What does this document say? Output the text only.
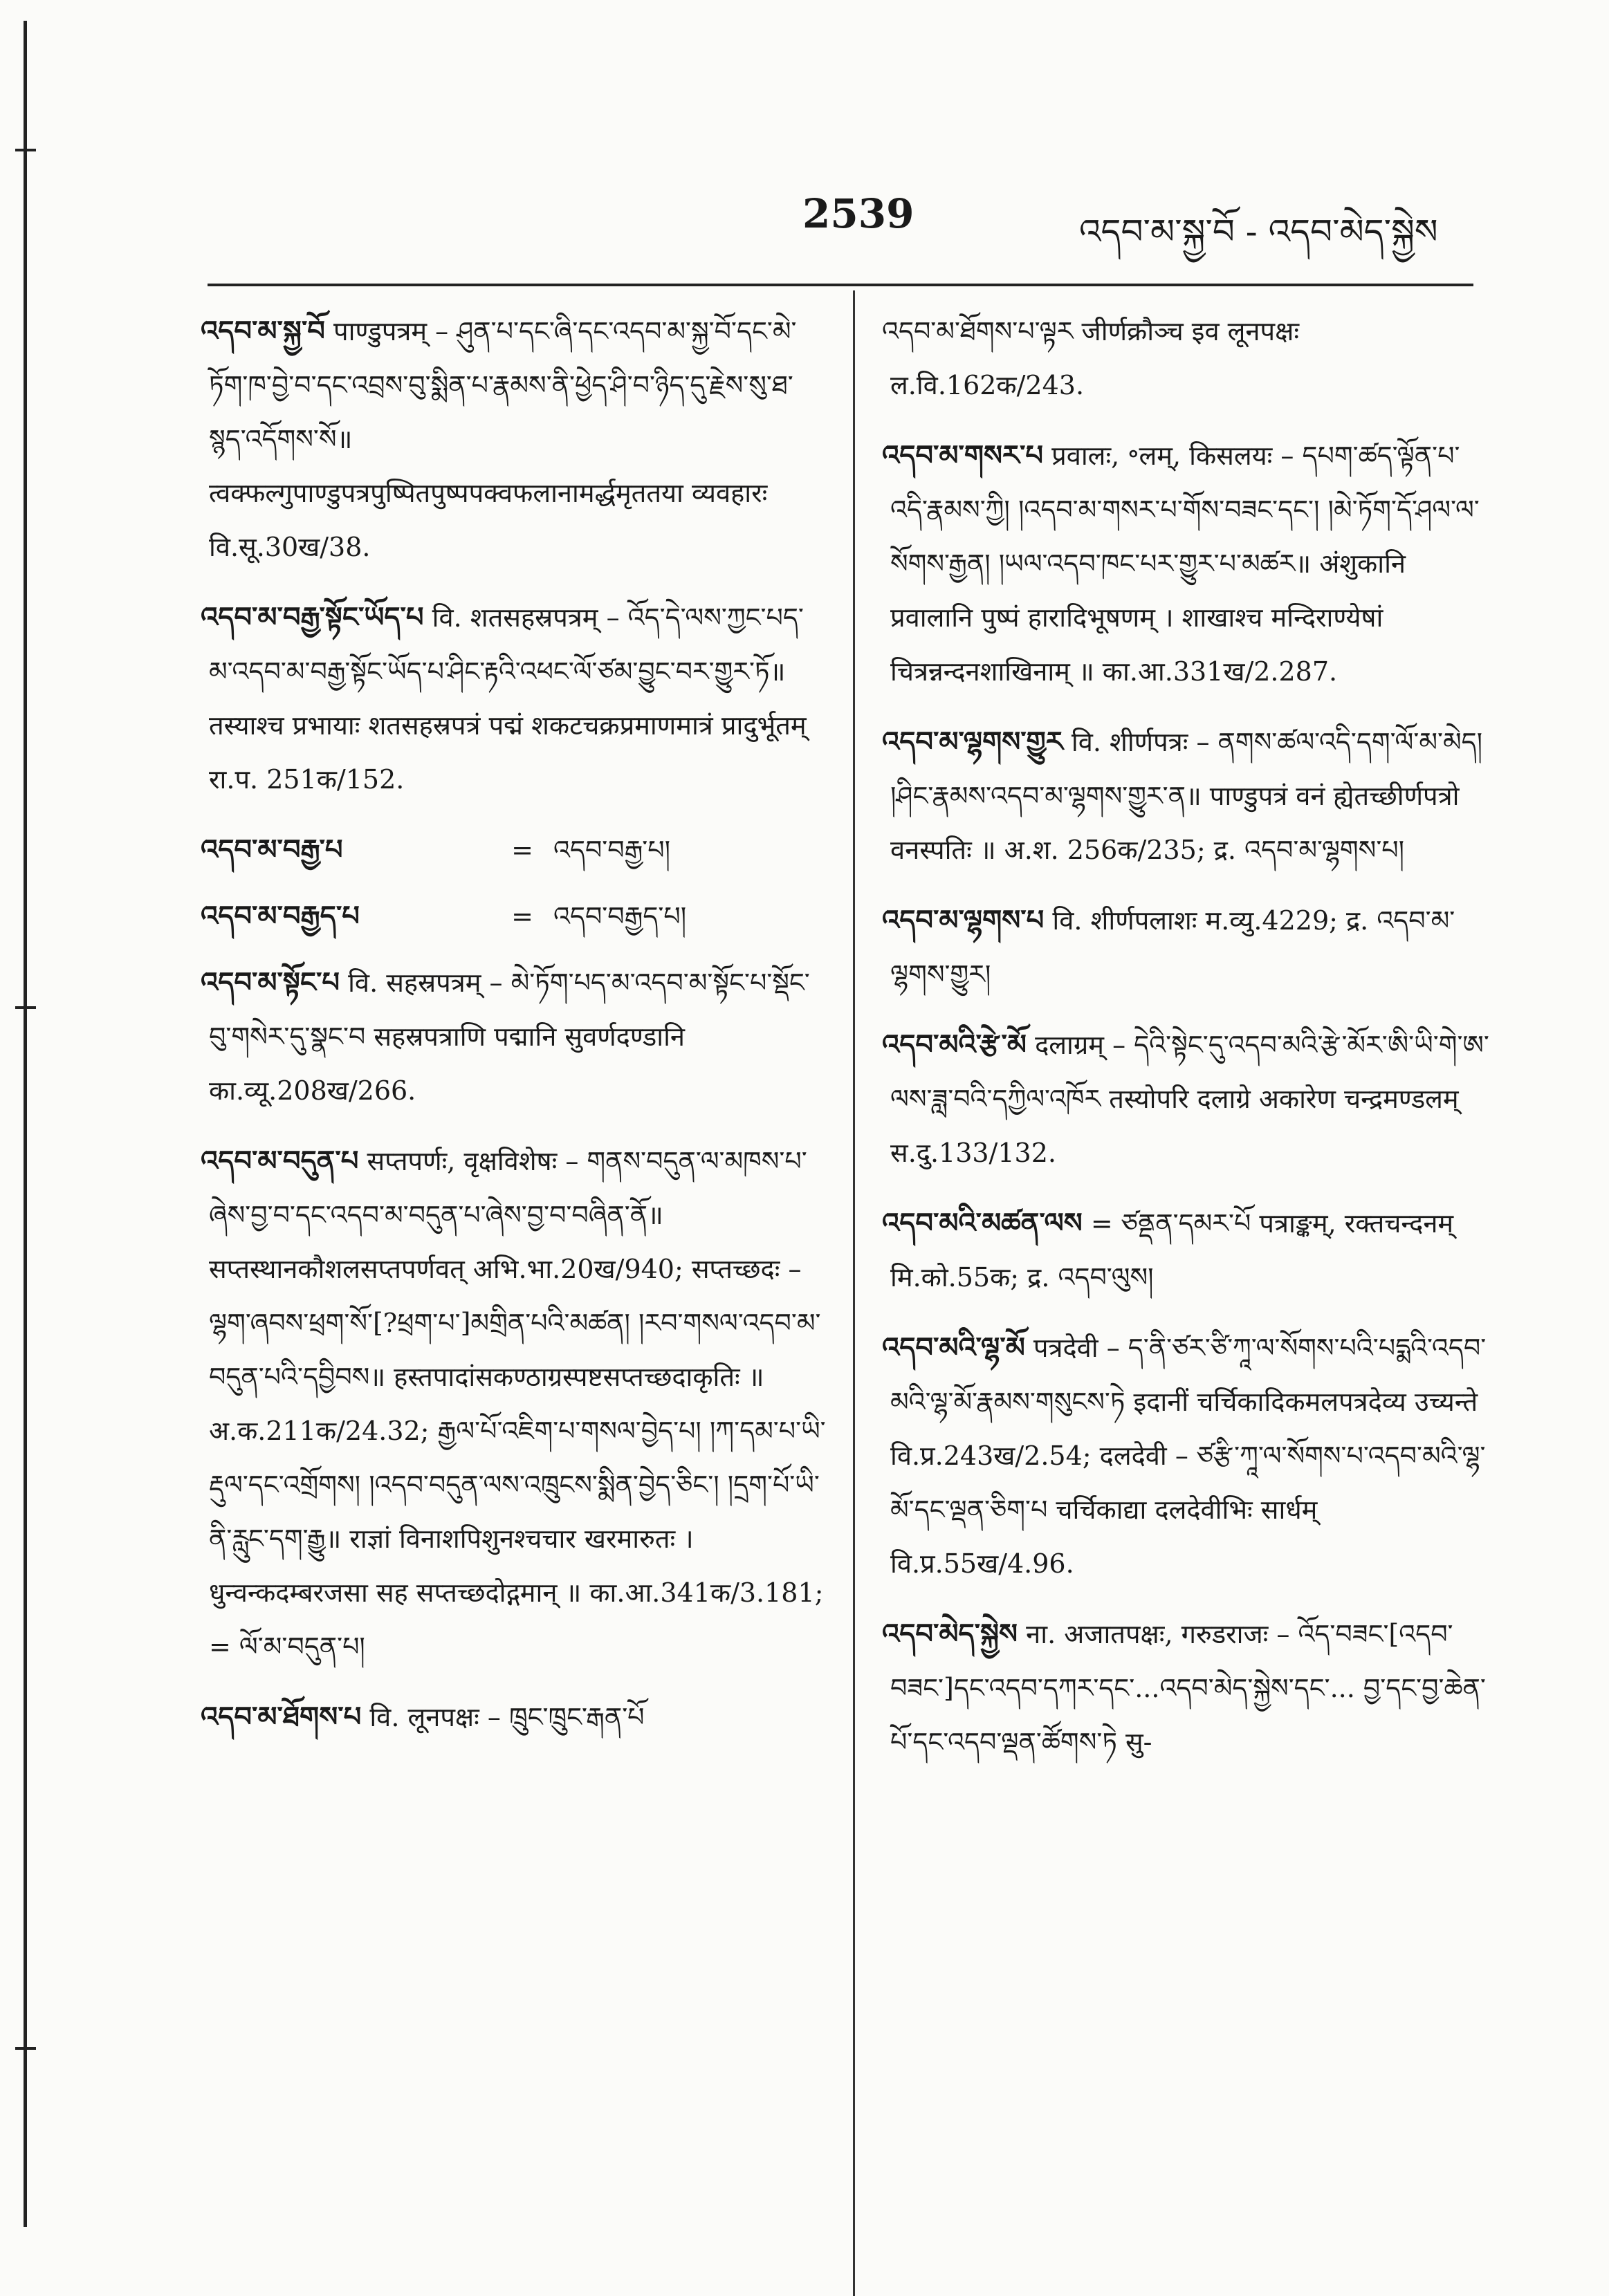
2539	འདབ་མ་སྐྱ་བོ - འདབ་མེད་སྐྱེས
འདབ་མ་སྐྱ་བོ पाण्डुपत्रम् – ཤུན་པ་དང་ཞི་དང་འདབ་མ་སྐྱ་བོ་དང་མེ་ཏོག་ཁ་བྱེ་བ་དང་འབྲས་བུ་སྨིན་པ་རྣམས་ནི་ཕྱེད་ཤི་བ་ཉིད་དུ་རྗེས་སུ་ཐ་སྙད་འདོགས་སོ॥ त्वक्फल्गुपाण्डुपत्रपुष्पितपुष्पपक्वफलानामर्द्धमृततया व्यवहारः वि.सू.30ख/38.
འདབ་མ་བརྒྱ་སྟོང་ཡོད་པ वि. शतसहस्रपत्रम् – འོད་དེ་ལས་ཀྱང་པད་མ་འདབ་མ་བརྒྱ་སྟོང་ཡོད་པ་ཤིང་རྟའི་འཕང་ལོ་ཙམ་བྱུང་བར་གྱུར་ཏོ॥ तस्याश्च प्रभायाः शतसहस्रपत्रं पद्मं शकटचक्रप्रमाणमात्रं प्रादुर्भूतम् रा.प. 251क/152.
འདབ་མ་བརྒྱ་པ	= འདབ་བརྒྱ་པ།
འདབ་མ་བརྒྱད་པ	= འདབ་བརྒྱད་པ།
འདབ་མ་སྟོང་པ वि. सहस्रपत्रम् – མེ་ཏོག་པད་མ་འདབ་མ་སྟོང་པ་སྡོང་བུ་གསེར་དུ་སྣང་བ सहस्रपत्राणि पद्मानि सुवर्णदण्डानि का.व्यू.208ख/266.
འདབ་མ་བདུན་པ सप्तपर्णः, वृक्षविशेषः – གནས་བདུན་ལ་མཁས་པ་ཞེས་བྱ་བ་དང་འདབ་མ་བདུན་པ་ཞེས་བྱ་བ་བཞིན་ནོ॥ सप्तस्थानकौशलसप्तपर्णवत् अभि.भा.20ख/940; सप्तच्छदः – ལྷག་ཞབས་ཕྲག་སོ་[?ཕྲག་པ་]མགྲིན་པའི་མཚན། །རབ་གསལ་འདབ་མ་བདུན་པའི་དབྱིབས॥ हस्तपादांसकण्ठाग्रस्पष्टसप्तच्छदाकृतिः ॥ अ.क.211क/24.32; རྒྱལ་པོ་འཇིག་པ་གསལ་བྱེད་པ། །ཀ་དམ་པ་ཡི་རྡུལ་དང་འགྲོགས། །འདབ་བདུན་ལས་འཁྲུངས་སྨིན་བྱེད་ཅིང་། །དྲག་པོ་ཡི་ནི་རླུང་དག་རྒྱུ॥ राज्ञां विनाशपिशुनश्चचार खरमारुतः । धुन्वन्कदम्बरजसा सह सप्तच्छदोद्गमान् ॥ का.आ.341क/3.181; = ལོ་མ་བདུན་པ།
འདབ་མ་ཐོགས་པ वि. लूनपक्षः – ཁྲུང་ཁྲུང་རྒན་པོ
འདབ་མ་ཐོགས་པ་ལྟར जीर्णक्रौञ्च इव लूनपक्षः ल.वि.162क/243.
འདབ་མ་གསར་པ प्रवालः, ॰लम्, किसलयः – དཔག་ཚད་ལྟོན་པ་འདི་རྣམས་ཀྱི། །འདབ་མ་གསར་པ་གོས་བཟང་དང་། །མེ་ཏོག་དོ་ཤལ་ལ་སོགས་རྒྱན། །ཡལ་འདབ་ཁང་པར་གྱུར་པ་མཚར॥ अंशुकानि प्रवालानि पुष्पं हारादिभूषणम् । शाखाश्च मन्दिराण्येषां चित्रन्नन्दनशाखिनाम् ॥ का.आ.331ख/2.287.
འདབ་མ་ལྷགས་གྱུར वि. शीर्णपत्रः – ནགས་ཚལ་འདི་དག་ལོ་མ་མེད། །ཤིང་རྣམས་འདབ་མ་ལྷགས་གྱུར་ན॥ पाण्डुपत्रं वनं ह्येतच्छीर्णपत्रो वनस्पतिः ॥ अ.श. 256क/235; द्र. འདབ་མ་ལྷགས་པ།
འདབ་མ་ལྷགས་པ वि. शीर्णपलाशः म.व्यु.4229; द्र. འདབ་མ་ལྷགས་གྱུར།
འདབ་མའི་རྩེ་མོ दलाग्रम् – དེའི་སྟེང་དུ་འདབ་མའི་རྩེ་མོར་ཨི་ཡི་གེ་ཨ་ལས་ཟླ་བའི་དཀྱིལ་འཁོར तस्योपरि दलाग्रे अकारेण चन्द्रमण्डलम् स.दु.133/132.
འདབ་མའི་མཚན་ལས = ཙནྡན་དམར་པོ पत्राङ्कम्, रक्तचन्दनम् मि.को.55क; द्र. འདབ་ལུས།
འདབ་མའི་ལྷ་མོ पत्रदेवी – ད་ནི་ཙར་ཙི་ཀཱ་ལ་སོགས་པའི་པདྨའི་འདབ་མའི་ལྷ་མོ་རྣམས་གསུངས་ཏེ इदानीं चर्चिकादिकमलपत्रदेव्य उच्यन्ते वि.प्र.243ख/2.54; दलदेवी – ཙརྩི་ཀཱ་ལ་སོགས་པ་འདབ་མའི་ལྷ་མོ་དང་ལྡན་ཅིག་པ चर्चिकाद्या दलदेवीभिः सार्धम् वि.प्र.55ख/4.96.
འདབ་མེད་སྐྱེས ना. अजातपक्षः, गरुडराजः – འོད་བཟང་[འདབ་བཟང་]དང་འདབ་དཀར་དང་...འདབ་མེད་སྐྱེས་དང་... བྱ་དང་བྱ་ཆེན་པོ་དང་འདབ་ལྡན་ཚོགས་ཏེ सु-
